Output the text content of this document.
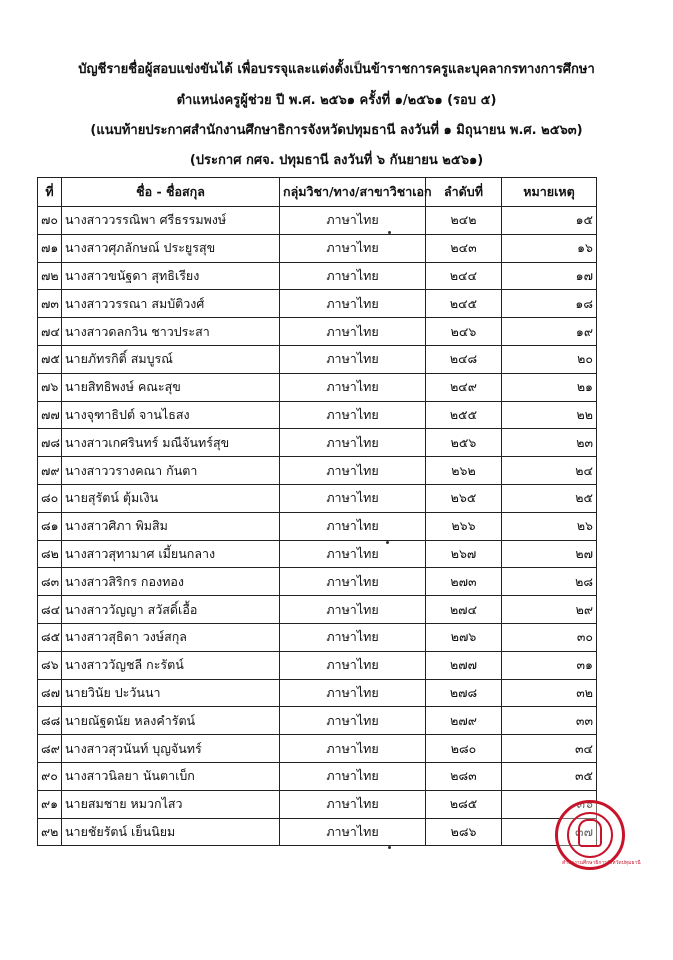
บัญชีรายชื่อผู้สอบแข่งขันได้ เพื่อบรรจุและแต่งตั้งเป็นข้าราชการครูและบุคลากรทางการศึกษา
ตำแหน่งครูผู้ช่วย ปี พ.ศ. ๒๕๖๑ ครั้งที่ ๑/๒๕๖๑ (รอบ ๕)
(แนบท้ายประกาศสำนักงานศึกษาธิการจังหวัดปทุมธานี ลงวันที่ ๑ มิถุนายน พ.ศ. ๒๕๖๓)
(ประกาศ กศจ. ปทุมธานี ลงวันที่ ๖ กันยายน ๒๕๖๑)
ที่	ชื่อ - ชื่อสกุล	กลุ่มวิชา/ทาง/สาขาวิชาเอก	ลำดับที่	หมายเหตุ
๗๐	นางสาววรรณิพา ศรีธรรมพงษ์	ภาษาไทย	๒๔๒	๑๕
๗๑	นางสาวศุภลักษณ์ ประยูรสุข	ภาษาไทย	๒๔๓	๑๖
๗๒	นางสาวขนัฐดา สุทธิเรียง	ภาษาไทย	๒๔๔	๑๗
๗๓	นางสาววรรณา สมบัติวงศ์	ภาษาไทย	๒๔๕	๑๘
๗๔	นางสาวดลกวิน ชาวประสา	ภาษาไทย	๒๔๖	๑๙
๗๕	นายภัทรกิติ์ สมบูรณ์	ภาษาไทย	๒๔๘	๒๐
๗๖	นายสิทธิพงษ์ คณะสุข	ภาษาไทย	๒๔๙	๒๑
๗๗	นางจุฑาธิปต์ จานไธสง	ภาษาไทย	๒๕๕	๒๒
๗๘	นางสาวเกศรินทร์ มณีจันทร์สุข	ภาษาไทย	๒๕๖	๒๓
๗๙	นางสาววรางคณา กันตา	ภาษาไทย	๒๖๒	๒๔
๘๐	นายสุรัตน์ ตุ้มเงิน	ภาษาไทย	๒๖๕	๒๕
๘๑	นางสาวศิภา พิมสิม	ภาษาไทย	๒๖๖	๒๖
๘๒	นางสาวสุทามาศ เมี้ยนกลาง	ภาษาไทย	๒๖๗	๒๗
๘๓	นางสาวสิริกร กองทอง	ภาษาไทย	๒๗๓	๒๘
๘๔	นางสาววัญญา สวัสดิ์เอื้อ	ภาษาไทย	๒๗๔	๒๙
๘๕	นางสาวสุธิดา วงษ์สกุล	ภาษาไทย	๒๗๖	๓๐
๘๖	นางสาววัญชลี กะรัตน์	ภาษาไทย	๒๗๗	๓๑
๘๗	นายวินัย ปะวันนา	ภาษาไทย	๒๗๘	๓๒
๘๘	นายณัฐดนัย หลงคำรัตน์	ภาษาไทย	๒๗๙	๓๓
๘๙	นางสาวสุวนันท์ บุญจันทร์	ภาษาไทย	๒๘๐	๓๔
๙๐	นางสาวนิลยา นันตาเบ็ก	ภาษาไทย	๒๘๓	๓๕
๙๑	นายสมชาย หมวกไสว	ภาษาไทย	๒๘๕	๓๖
๙๒	นายชัยรัตน์ เย็นนิยม	ภาษาไทย	๒๘๖	๓๗
สำนักงานศึกษาธิการจังหวัดปทุมธานี
